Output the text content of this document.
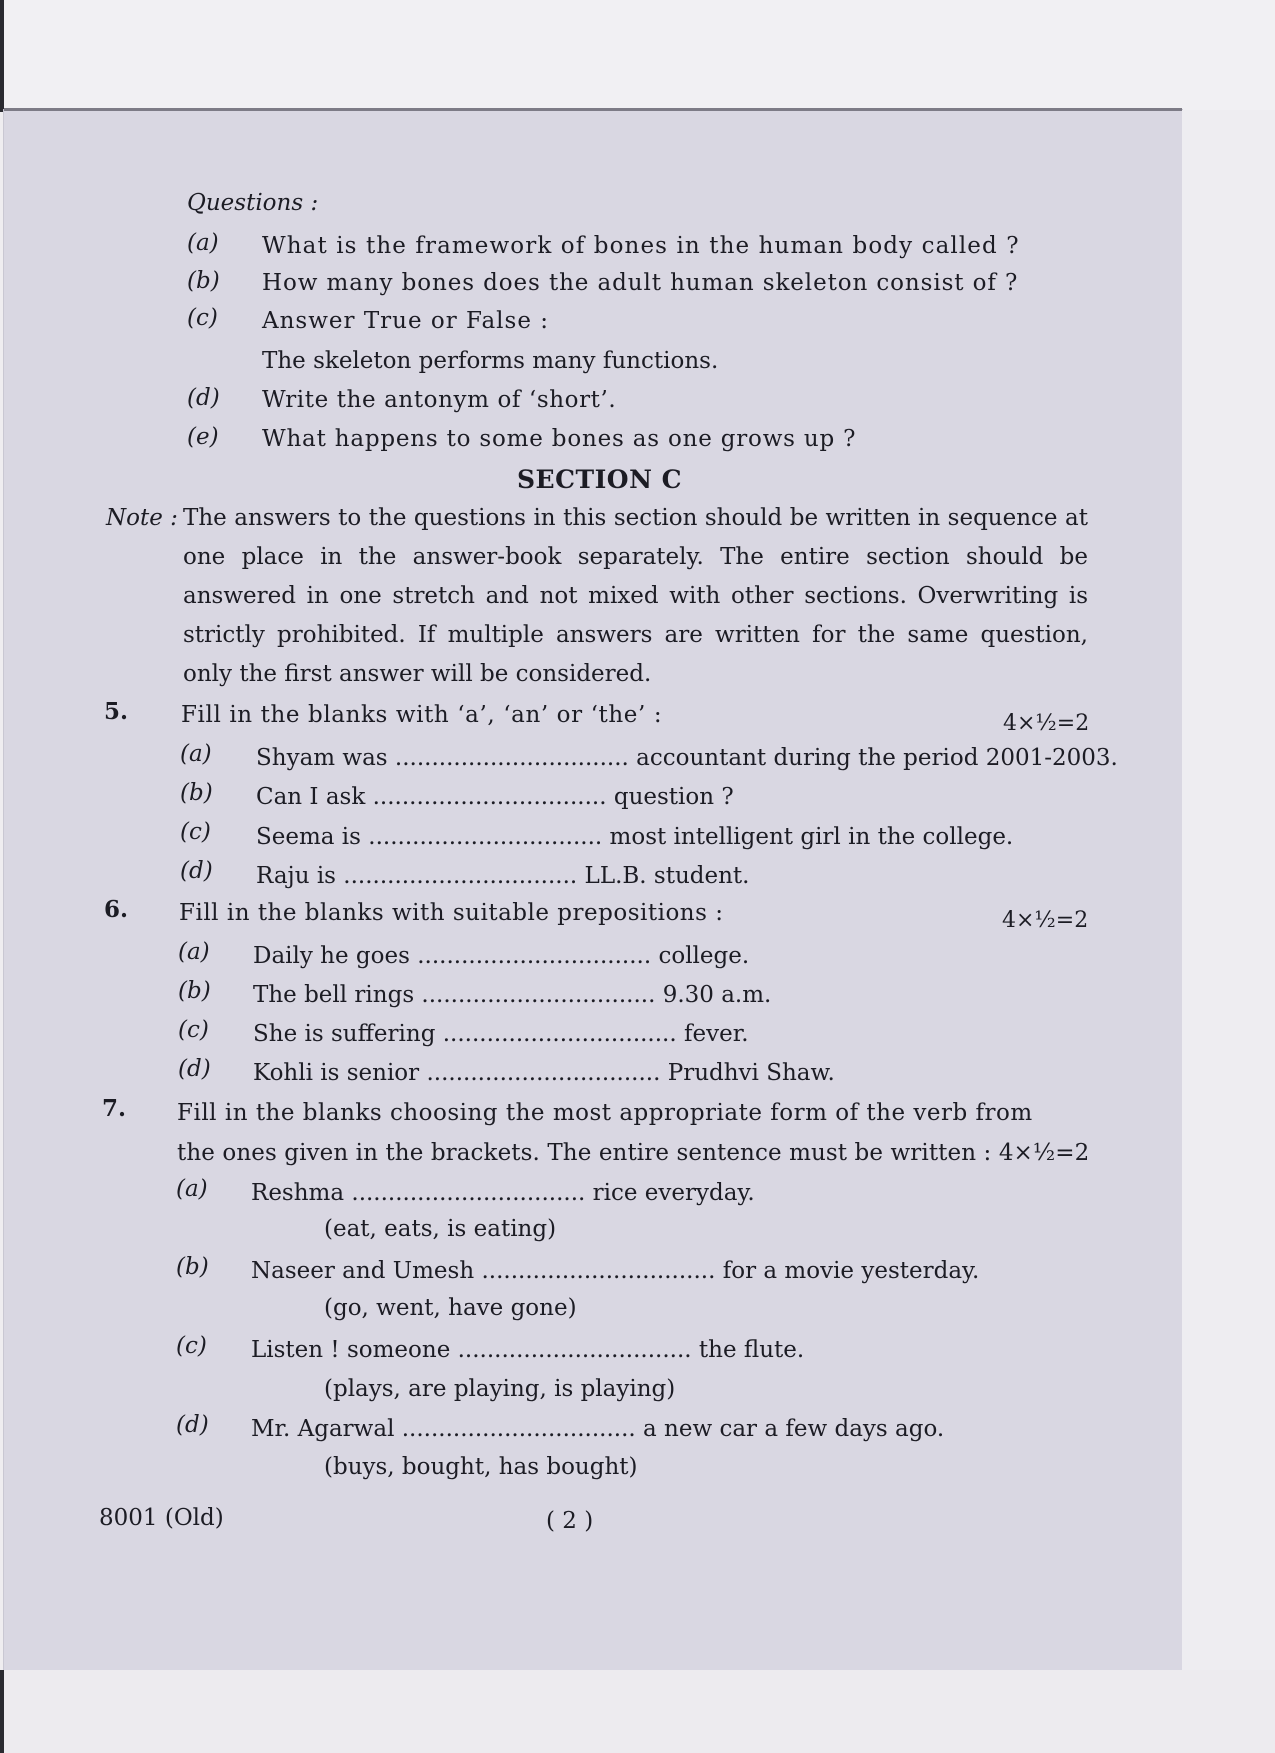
Questions :
(a) What is the framework of bones in the human body called ?
(b) How many bones does the adult human skeleton consist of ?
(c) Answer True or False :
The skeleton performs many functions.
(d) Write the antonym of ‘short’.
(e) What happens to some bones as one grows up ?
SECTION C
Note : The answers to the questions in this section should be written in sequence at one place in the answer-book separately. The entire section should be answered in one stretch and not mixed with other sections. Overwriting is strictly prohibited. If multiple answers are written for the same question, only the first answer will be considered.
5. Fill in the blanks with ‘a’, ‘an’ or ‘the’ :	4×½=2
(a) Shyam was ................................ accountant during the period 2001-2003.
(b) Can I ask ................................ question ?
(c) Seema is ................................ most intelligent girl in the college.
(d) Raju is ................................ LL.B. student.
6. Fill in the blanks with suitable prepositions :	4×½=2
(a) Daily he goes ................................ college.
(b) The bell rings ................................ 9.30 a.m.
(c) She is suffering ................................ fever.
(d) Kohli is senior ................................ Prudhvi Shaw.
7. Fill in the blanks choosing the most appropriate form of the verb from
the ones given in the brackets. The entire sentence must be written : 4×½=2
(a) Reshma ................................ rice everyday.
(eat, eats, is eating)
(b) Naseer and Umesh ................................ for a movie yesterday.
(go, went, have gone)
(c) Listen ! someone ................................ the flute.
(plays, are playing, is playing)
(d) Mr. Agarwal ................................ a new car a few days ago.
(buys, bought, has bought)
8001 (Old)	( 2 )
